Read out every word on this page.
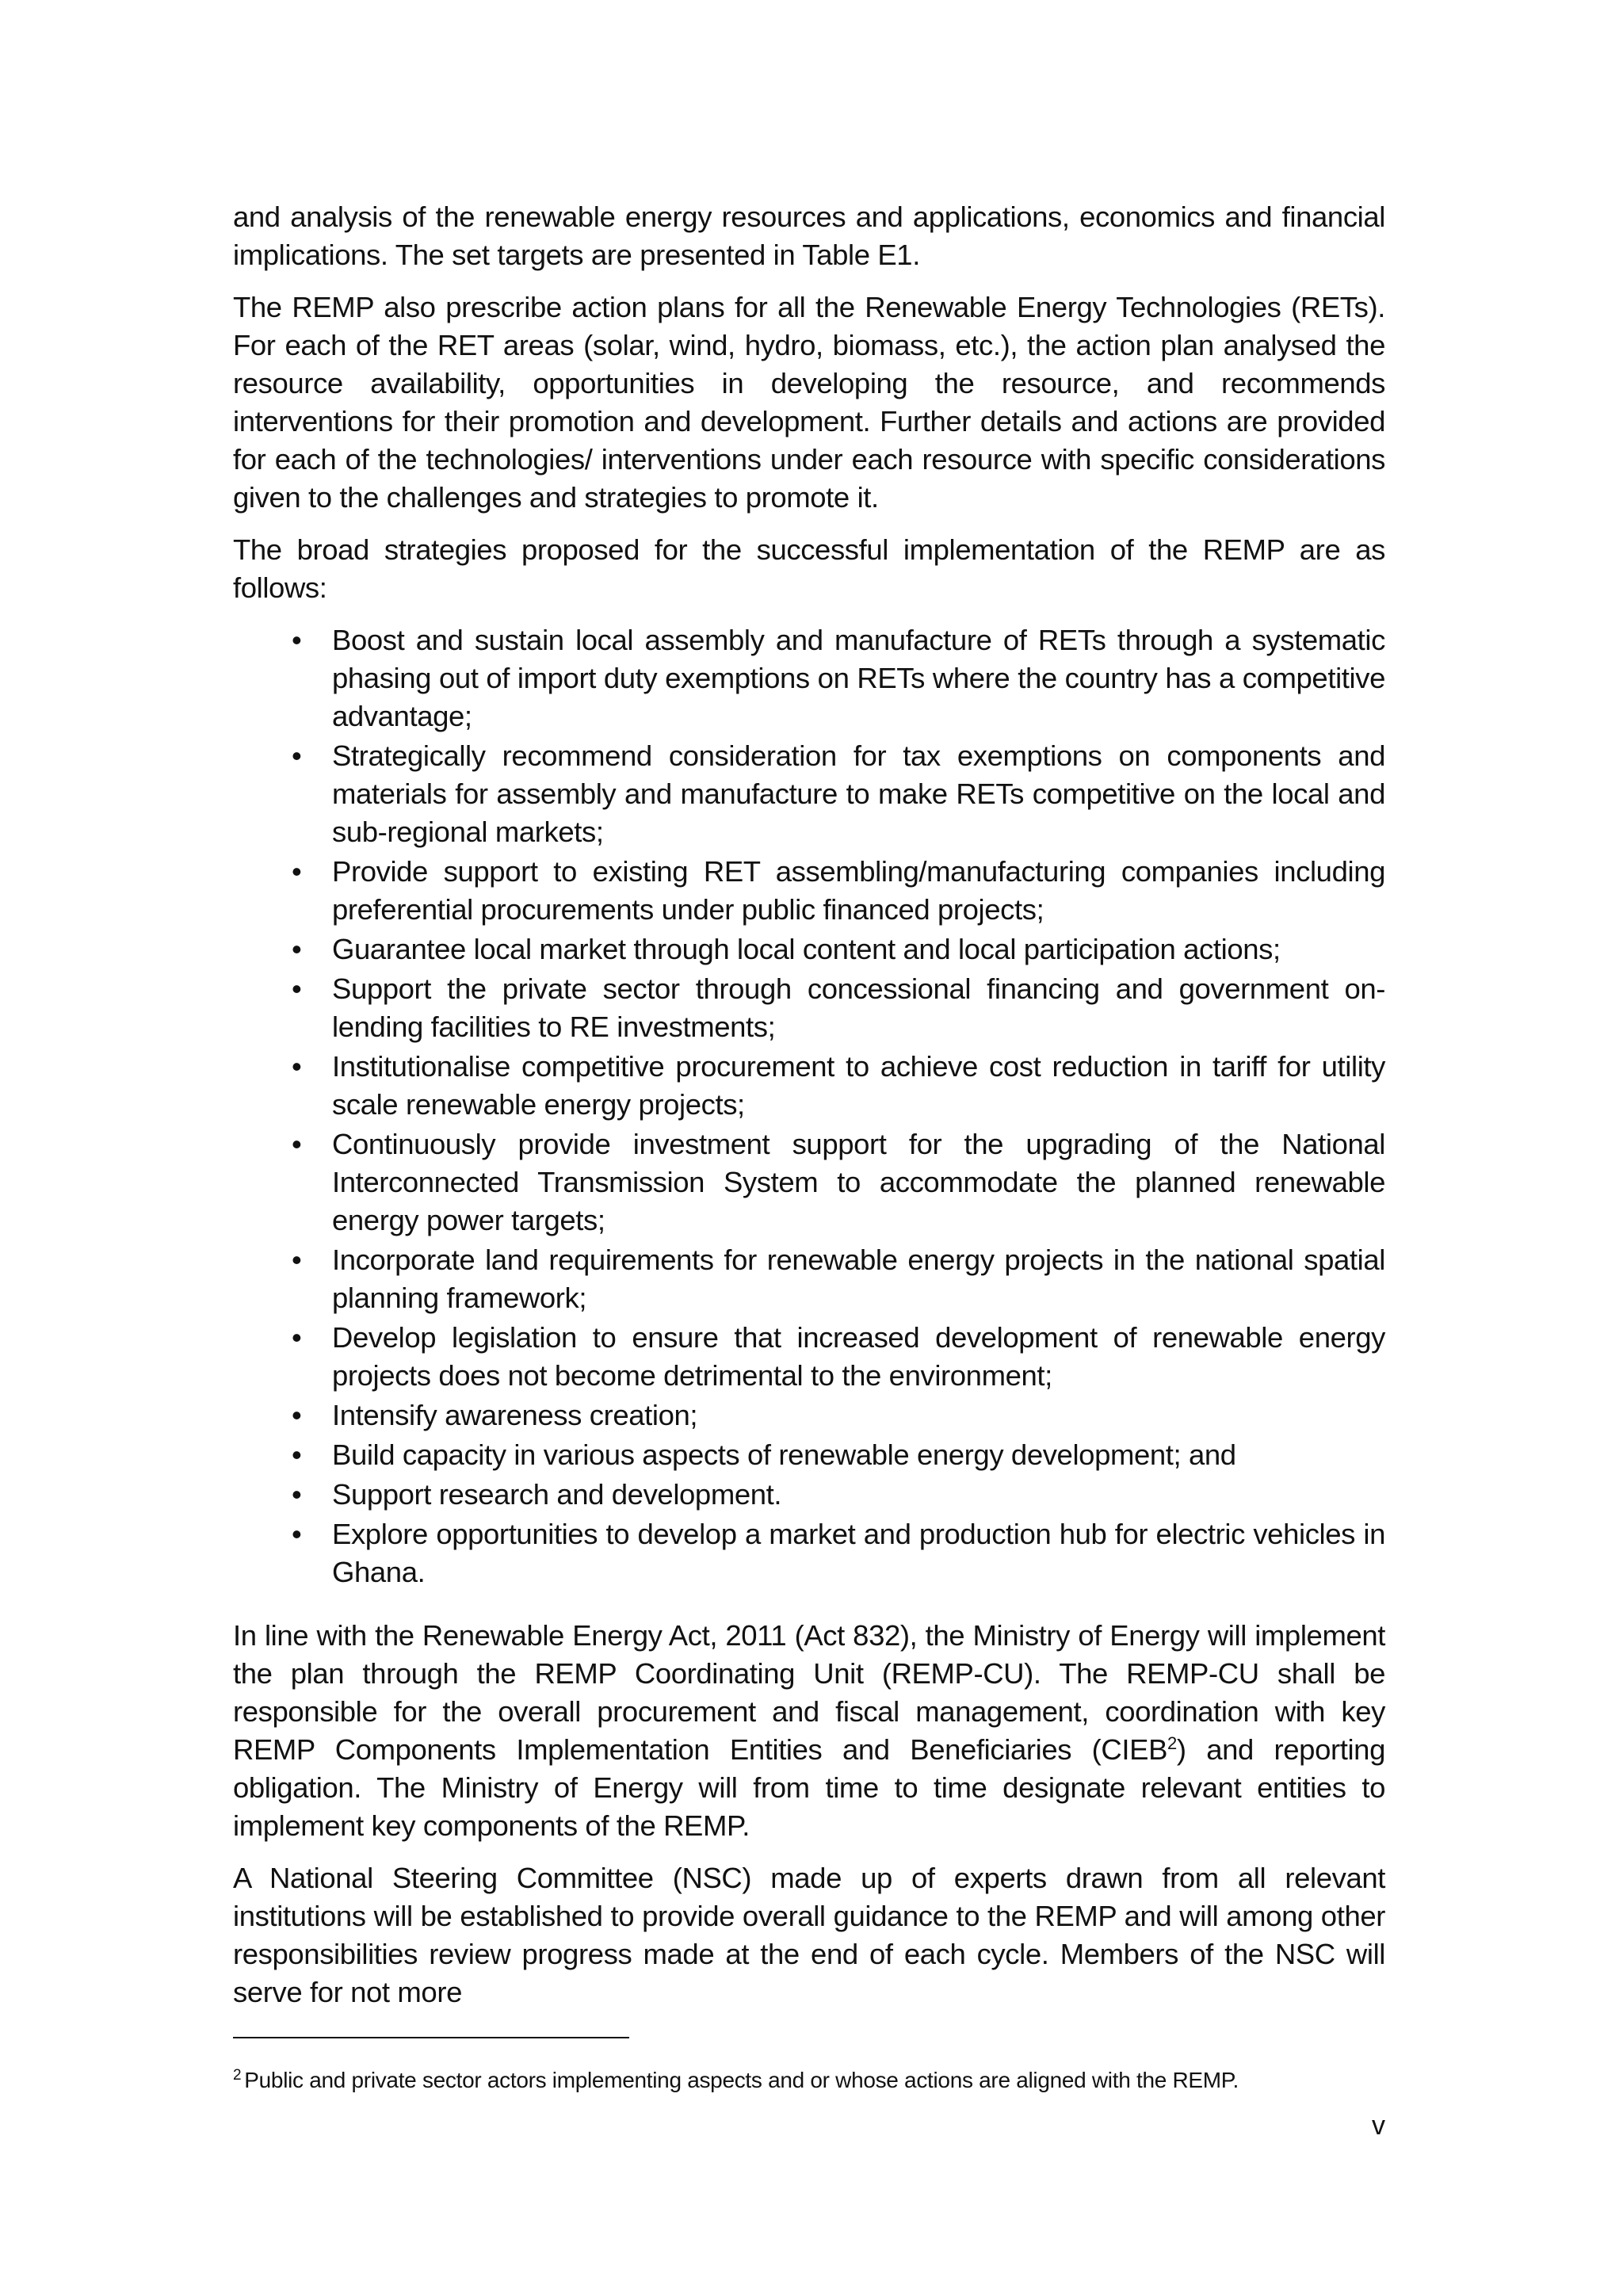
and analysis of the renewable energy resources and applications, economics and financial implications. The set targets are presented in Table E1.

The REMP also prescribe action plans for all the Renewable Energy Technologies (RETs). For each of the RET areas (solar, wind, hydro, biomass, etc.), the action plan analysed the resource availability, opportunities in developing the resource, and recommends interventions for their promotion and development. Further details and actions are provided for each of the technologies/ interventions under each resource with specific considerations given to the challenges and strategies to promote it.

The broad strategies proposed for the successful implementation of the REMP are as follows:

• Boost and sustain local assembly and manufacture of RETs through a systematic phasing out of import duty exemptions on RETs where the country has a competitive advantage;
• Strategically recommend consideration for tax exemptions on components and materials for assembly and manufacture to make RETs competitive on the local and sub-regional markets;
• Provide support to existing RET assembling/manufacturing companies including preferential procurements under public financed projects;
• Guarantee local market through local content and local participation actions;
• Support the private sector through concessional financing and government on-lending facilities to RE investments;
• Institutionalise competitive procurement to achieve cost reduction in tariff for utility scale renewable energy projects;
• Continuously provide investment support for the upgrading of the National Interconnected Transmission System to accommodate the planned renewable energy power targets;
• Incorporate land requirements for renewable energy projects in the national spatial planning framework;
• Develop legislation to ensure that increased development of renewable energy projects does not become detrimental to the environment;
• Intensify awareness creation;
• Build capacity in various aspects of renewable energy development; and
• Support research and development.
• Explore opportunities to develop a market and production hub for electric vehicles in Ghana.

In line with the Renewable Energy Act, 2011 (Act 832), the Ministry of Energy will implement the plan through the REMP Coordinating Unit (REMP-CU). The REMP-CU shall be responsible for the overall procurement and fiscal management, coordination with key REMP Components Implementation Entities and Beneficiaries (CIEB$^2$) and reporting obligation. The Ministry of Energy will from time to time designate relevant entities to implement key components of the REMP.

A National Steering Committee (NSC) made up of experts drawn from all relevant institutions will be established to provide overall guidance to the REMP and will among other responsibilities review progress made at the end of each cycle. Members of the NSC will serve for not more

$^2$ Public and private sector actors implementing aspects and or whose actions are aligned with the REMP.
v
